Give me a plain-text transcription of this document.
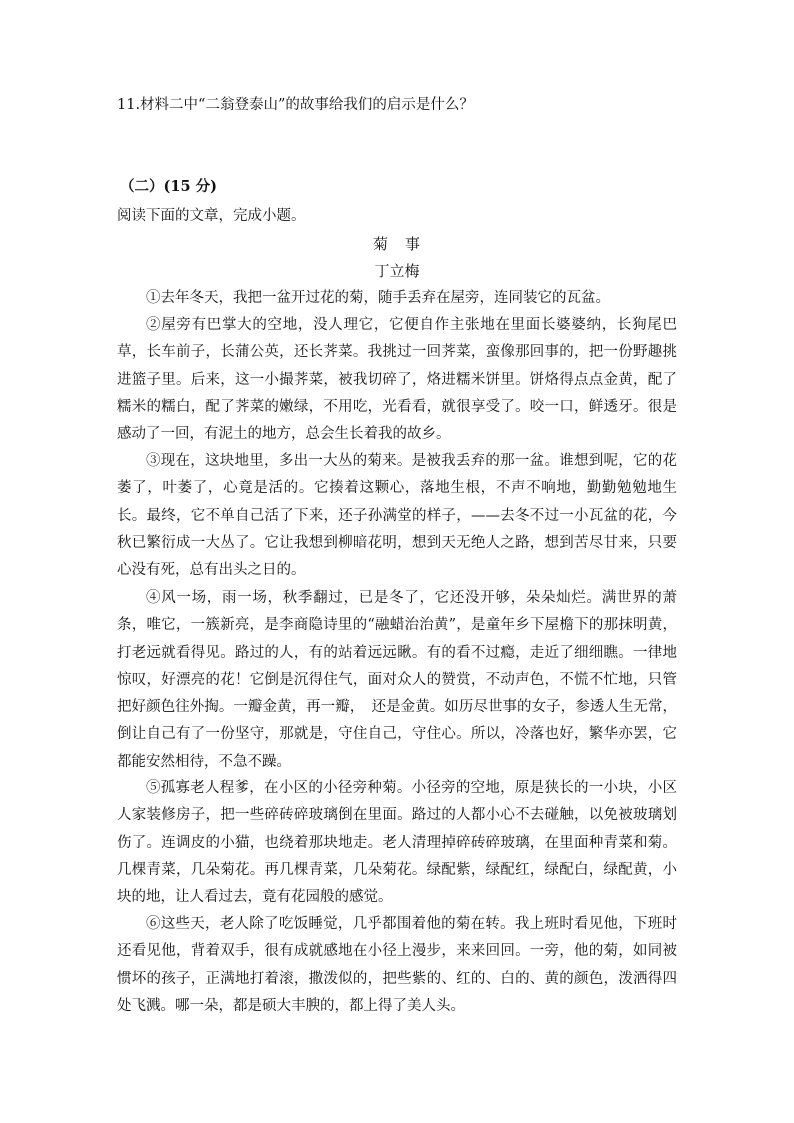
11.材料二中“二翁登泰山”的故事给我们的启示是什么？
（二）(15 分)
阅读下面的文章，完成小题。
菊　事
丁立梅

①去年冬天，我把一盆开过花的菊，随手丢弃在屋旁，连同装它的瓦盆。

②屋旁有巴掌大的空地，没人理它，它便自作主张地在里面长婆婆纳，长狗尾巴草，长车前子，长蒲公英，还长荠菜。我挑过一回荠菜，蛮像那回事的，把一份野趣挑进篮子里。后来，这一小撮荠菜，被我切碎了，烙进糯米饼里。饼烙得点点金黄，配了糯米的糯白，配了荠菜的嫩绿，不用吃，光看看，就很享受了。咬一口，鲜透牙。很是感动了一回，有泥土的地方，总会生长着我的故乡。

③现在，这块地里，多出一大丛的菊来。是被我丢弃的那一盆。谁想到呢，它的花萎了，叶萎了，心竟是活的。它揍着这颗心，落地生根，不声不响地，勤勤勉勉地生长。最终，它不单自己活了下来，还子孙满堂的样子，——去冬不过一小瓦盆的花，今秋已繁衍成一大丛了。它让我想到柳暗花明，想到天无绝人之路，想到苦尽甘来，只要心没有死，总有出头之日的。

④风一场，雨一场，秋季翻过，已是冬了，它还没开够，朵朵灿烂。满世界的萧条，唯它，一簇新亮，是李商隐诗里的“融蜡治治黄”，是童年乡下屋檐下的那抹明黄，打老远就看得见。路过的人，有的站着远远瞅。有的看不过瘾，走近了细细瞧。一律地惊叹，好漂亮的花！它倒是沉得住气，面对众人的赞赏，不动声色，不慌不忙地，只管把好颜色往外掏。一瓣金黄，再一瓣，　还是金黄。如历尽世事的女子，参透人生无常，倒让自己有了一份坚守，那就是，守住自己，守住心。所以，冷落也好，繁华亦罢，它都能安然相待，不急不躁。

⑤孤寡老人程爹，在小区的小径旁种菊。小径旁的空地，原是狭长的一小块，小区人家装修房子，把一些碎砖碎玻璃倒在里面。路过的人都小心不去碰触，以免被玻璃划伤了。连调皮的小猫，也绕着那块地走。老人清理掉碎砖碎玻璃，在里面种青菜和菊。几棵青菜，几朵菊花。再几棵青菜，几朵菊花。绿配紫，绿配红，绿配白，绿配黄，小块的地，让人看过去，竟有花园般的感觉。

⑥这些天，老人除了吃饭睡觉，几乎都围着他的菊在转。我上班时看见他，下班时还看见他，背着双手，很有成就感地在小径上漫步，来来回回。一旁，他的菊，如同被惯坏的孩子，正满地打着滚，撒泼似的，把些紫的、红的、白的、黄的颜色，泼洒得四处飞溅。哪一朵，都是硕大丰腴的，都上得了美人头。
